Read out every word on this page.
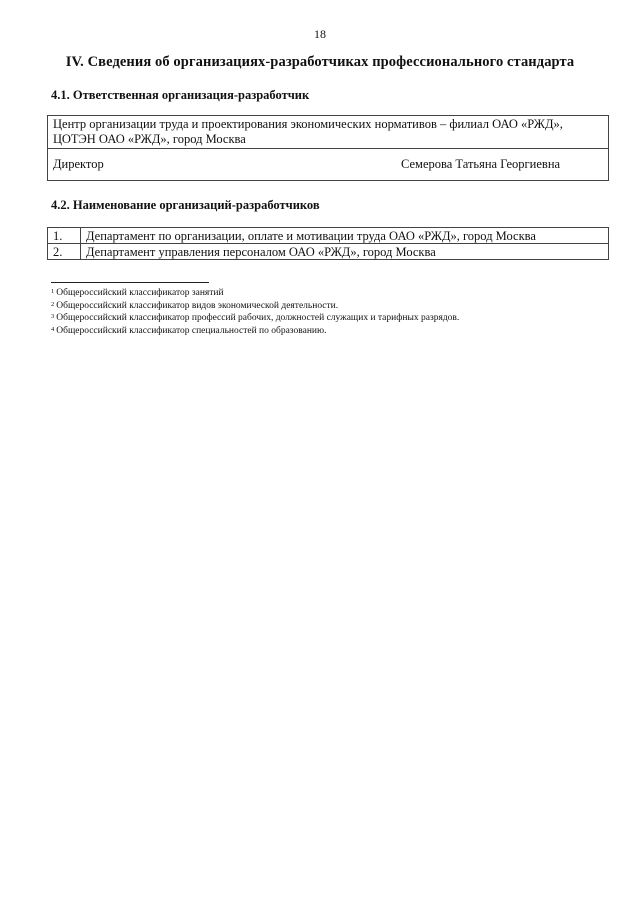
18
IV. Сведения об организациях-разработчиках профессионального стандарта
4.1. Ответственная организация-разработчик
Центр организации труда и проектирования экономических нормативов – филиал ОАО «РЖД», ЦОТЭН ОАО «РЖД», город Москва
Директор	Семерова Татьяна Георгиевна
4.2. Наименование организаций-разработчиков
1.	Департамент по организации, оплате и мотивации труда ОАО «РЖД», город Москва
2.	Департамент управления персоналом ОАО «РЖД», город Москва
$^1$ Общероссийский классификатор занятий
$^2$ Общероссийский классификатор видов экономической деятельности.
$^3$ Общероссийский классификатор профессий рабочих, должностей служащих и тарифных разрядов.
$^4$ Общероссийский классификатор специальностей по образованию.
